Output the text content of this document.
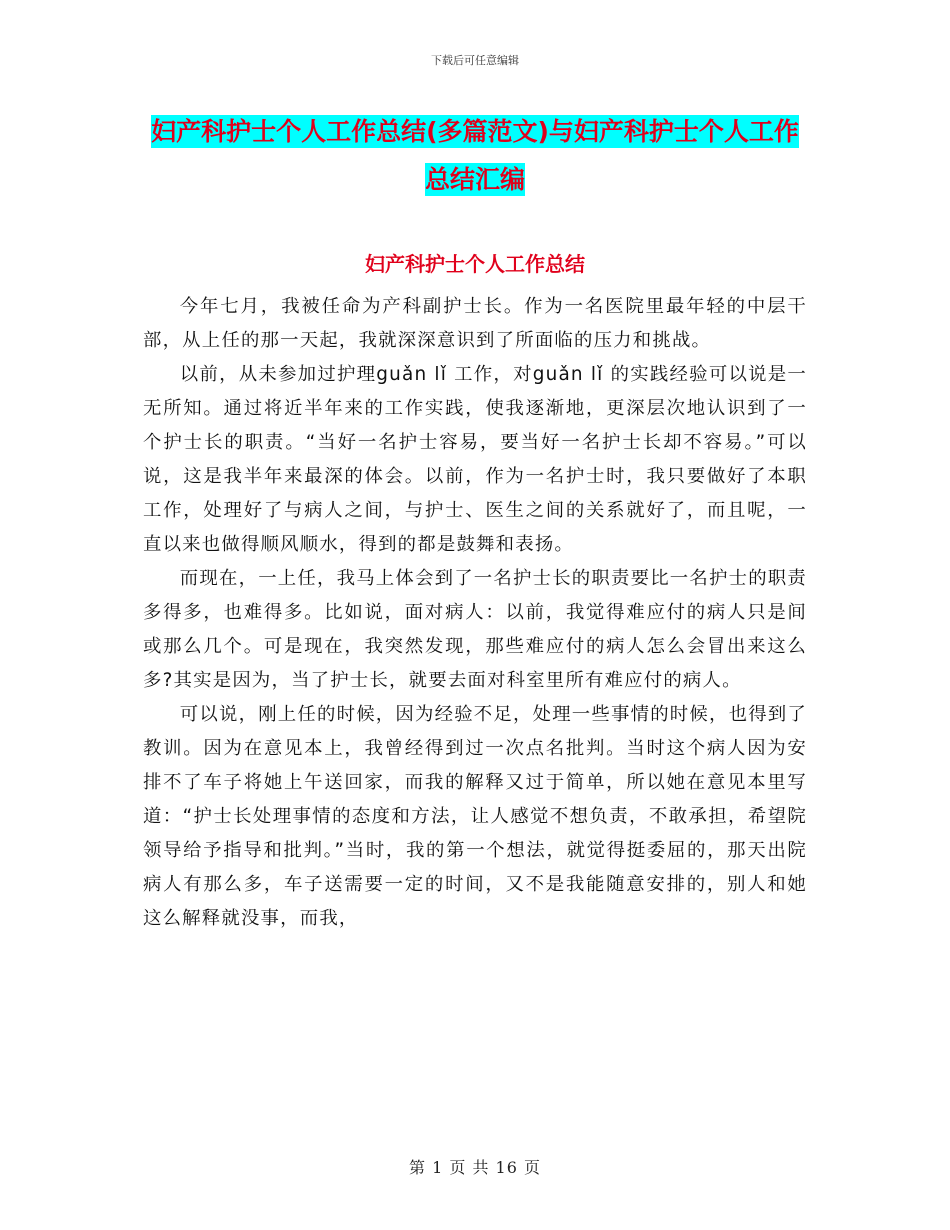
下载后可任意编辑
妇产科护士个人工作总结(多篇范文)与妇产科护士个人工作总结汇编
妇产科护士个人工作总结

今年七月，我被任命为产科副护士长。作为一名医院里最年轻的中层干部，从上任的那一天起，我就深深意识到了所面临的压力和挑战。

以前，从未参加过护理guǎn lǐ 工作，对guǎn lǐ 的实践经验可以说是一无所知。通过将近半年来的工作实践，使我逐渐地，更深层次地认识到了一个护士长的职责。“当好一名护士容易，要当好一名护士长却不容易。”可以说，这是我半年来最深的体会。以前，作为一名护士时，我只要做好了本职工作，处理好了与病人之间，与护士、医生之间的关系就好了，而且呢，一直以来也做得顺风顺水，得到的都是鼓舞和表扬。

而现在，一上任，我马上体会到了一名护士长的职责要比一名护士的职责多得多，也难得多。比如说，面对病人：以前，我觉得难应付的病人只是间或那么几个。可是现在，我突然发现，那些难应付的病人怎么会冒出来这么多?其实是因为，当了护士长，就要去面对科室里所有难应付的病人。

可以说，刚上任的时候，因为经验不足，处理一些事情的时候，也得到了教训。因为在意见本上，我曾经得到过一次点名批判。当时这个病人因为安排不了车子将她上午送回家，而我的解释又过于简单，所以她在意见本里写道：“护士长处理事情的态度和方法，让人感觉不想负责，不敢承担，希望院领导给予指导和批判。”当时，我的第一个想法，就觉得挺委屈的，那天出院病人有那么多，车子送需要一定的时间，又不是我能随意安排的，别人和她这么解释就没事，而我，

第 1 页 共 16 页
